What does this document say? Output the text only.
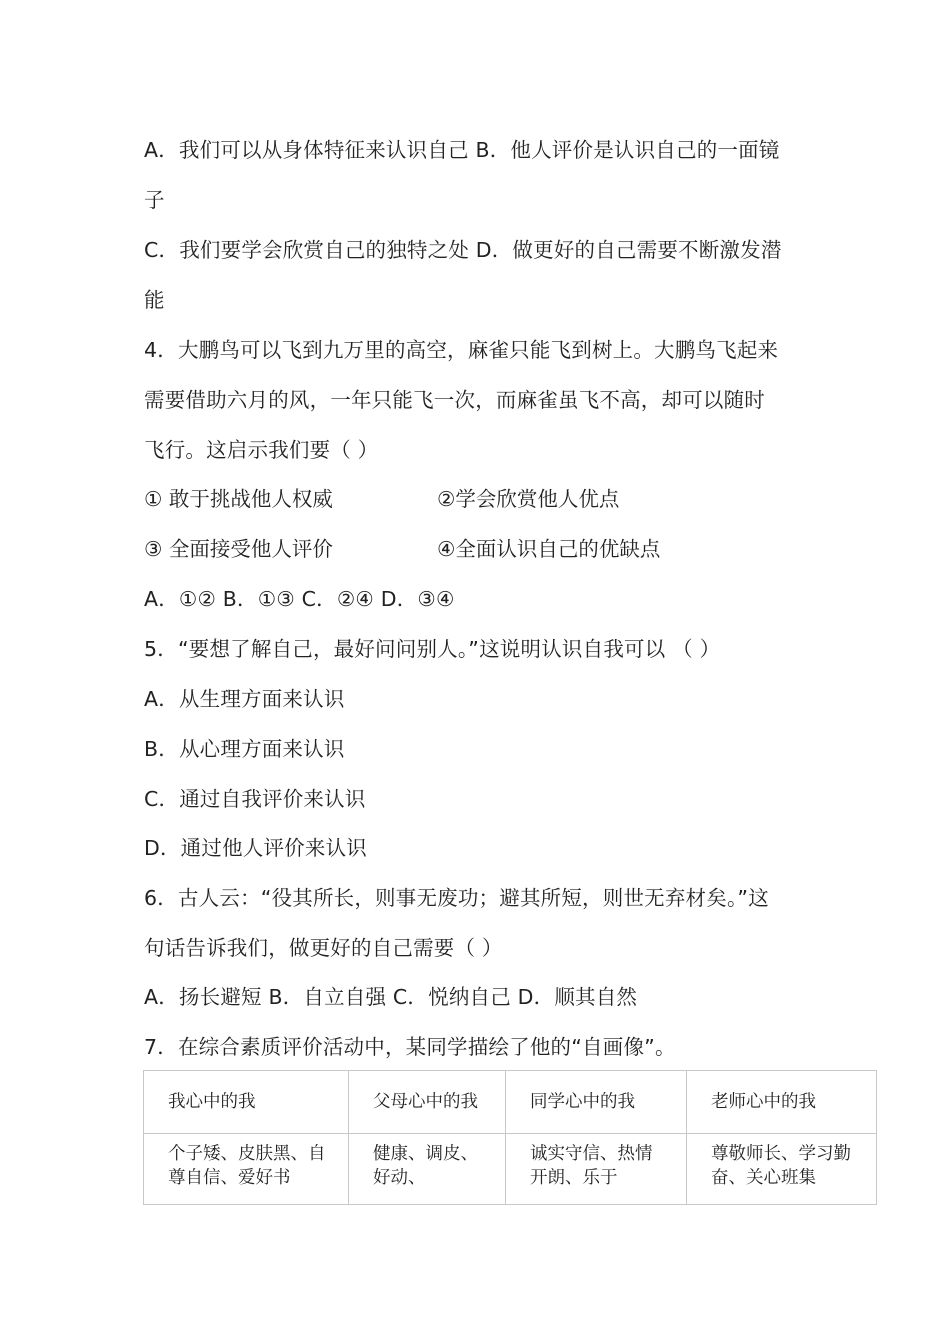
A．我们可以从身体特征来认识自己 B．他人评价是认识自己的一面镜
子
C．我们要学会欣赏自己的独特之处 D．做更好的自己需要不断激发潜
能
4．大鹏鸟可以飞到九万里的高空，麻雀只能飞到树上。大鹏鸟飞起来
需要借助六月的风，一年只能飞一次，而麻雀虽飞不高，却可以随时
飞行。这启示我们要（ ）
① 敢于挑战他人权威	②学会欣赏他人优点
③ 全面接受他人评价	④全面认识自己的优缺点
A．①② B．①③ C．②④ D．③④
5．“要想了解自己，最好问问别人。”这说明认识自我可以 （ ）
A．从生理方面来认识
B．从心理方面来认识
C．通过自我评价来认识
D．通过他人评价来认识
6．古人云：“役其所长，则事无废功；避其所短，则世无弃材矣。”这
句话告诉我们，做更好的自己需要（ ）
A．扬长避短 B．自立自强 C．悦纳自己 D．顺其自然
7．在综合素质评价活动中，某同学描绘了他的“自画像”。
我心中的我	父母心中的我	同学心中的我	老师心中的我

个子矮、皮肤黑、自尊自信、爱好书	健康、调皮、好动、	诚实守信、热情开朗、乐于	尊敬师长、学习勤奋、关心班集
